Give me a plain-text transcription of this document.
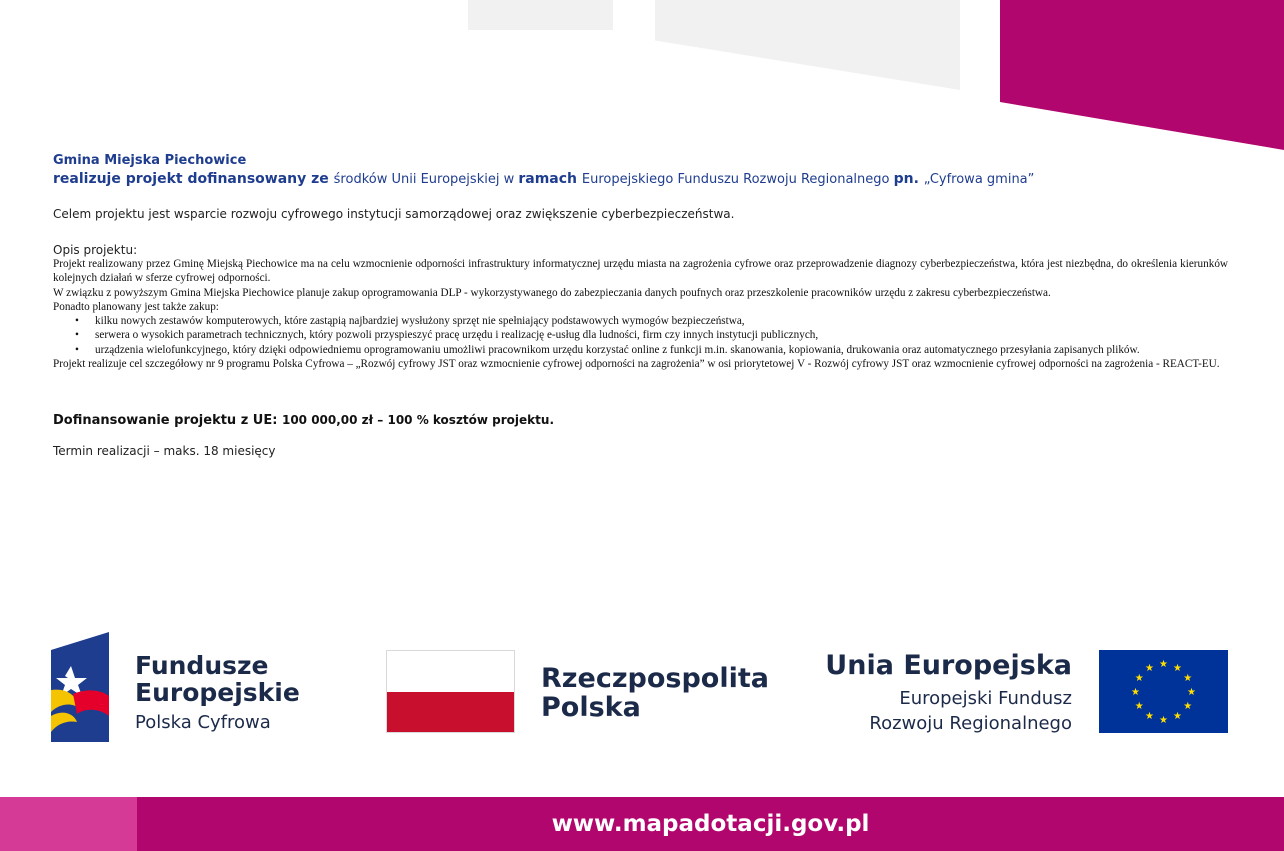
Gmina Miejska Piechowice
realizuje projekt dofinansowany ze środków Unii Europejskiej w ramach Europejskiego Funduszu Rozwoju Regionalnego pn. „Cyfrowa gmina”
Celem projektu jest wsparcie rozwoju cyfrowego instytucji samorządowej oraz zwiększenie cyberbezpieczeństwa.
Opis projektu:

Projekt realizowany przez Gminę Miejską Piechowice ma na celu wzmocnienie odporności infrastruktury informatycznej urzędu miasta na zagrożenia cyfrowe oraz przeprowadzenie diagnozy cyberbezpieczeństwa, która jest niezbędna, do określenia kierunków kolejnych działań w sferze cyfrowej odporności.

W związku z powyższym Gmina Miejska Piechowice planuje zakup oprogramowania DLP - wykorzystywanego do zabezpieczania danych poufnych oraz przeszkolenie pracowników urzędu z zakresu cyberbezpieczeństwa.

Ponadto planowany jest także zakup:

• kilku nowych zestawów komputerowych, które zastąpią najbardziej wysłużony sprzęt nie spełniający podstawowych wymogów bezpieczeństwa,
• serwera o wysokich parametrach technicznych, który pozwoli przyspieszyć pracę urzędu i realizację e-usług dla ludności, firm czy innych instytucji publicznych,
• urządzenia wielofunkcyjnego, który dzięki odpowiedniemu oprogramowaniu umożliwi pracownikom urzędu korzystać online z funkcji m.in. skanowania, kopiowania, drukowania oraz automatycznego przesyłania zapisanych plików.

Projekt realizuje cel szczegółowy nr 9 programu Polska Cyfrowa – „Rozwój cyfrowy JST oraz wzmocnienie cyfrowej odporności na zagrożenia” w osi priorytetowej V - Rozwój cyfrowy JST oraz wzmocnienie cyfrowej odporności na zagrożenia - REACT-EU.

Dofinansowanie projektu z UE: 100 000,00 zł – 100 % kosztów projektu.
Termin realizacji – maks. 18 miesięcy
Fundusze
Europejskie
Polska Cyfrowa
Rzeczpospolita
Polska
Unia Europejska
Europejski Fundusz
Rozwoju Regionalnego
★ ★
★
★
★
★
★
★
★
★
★
★
www.mapadotacji.gov.pl
